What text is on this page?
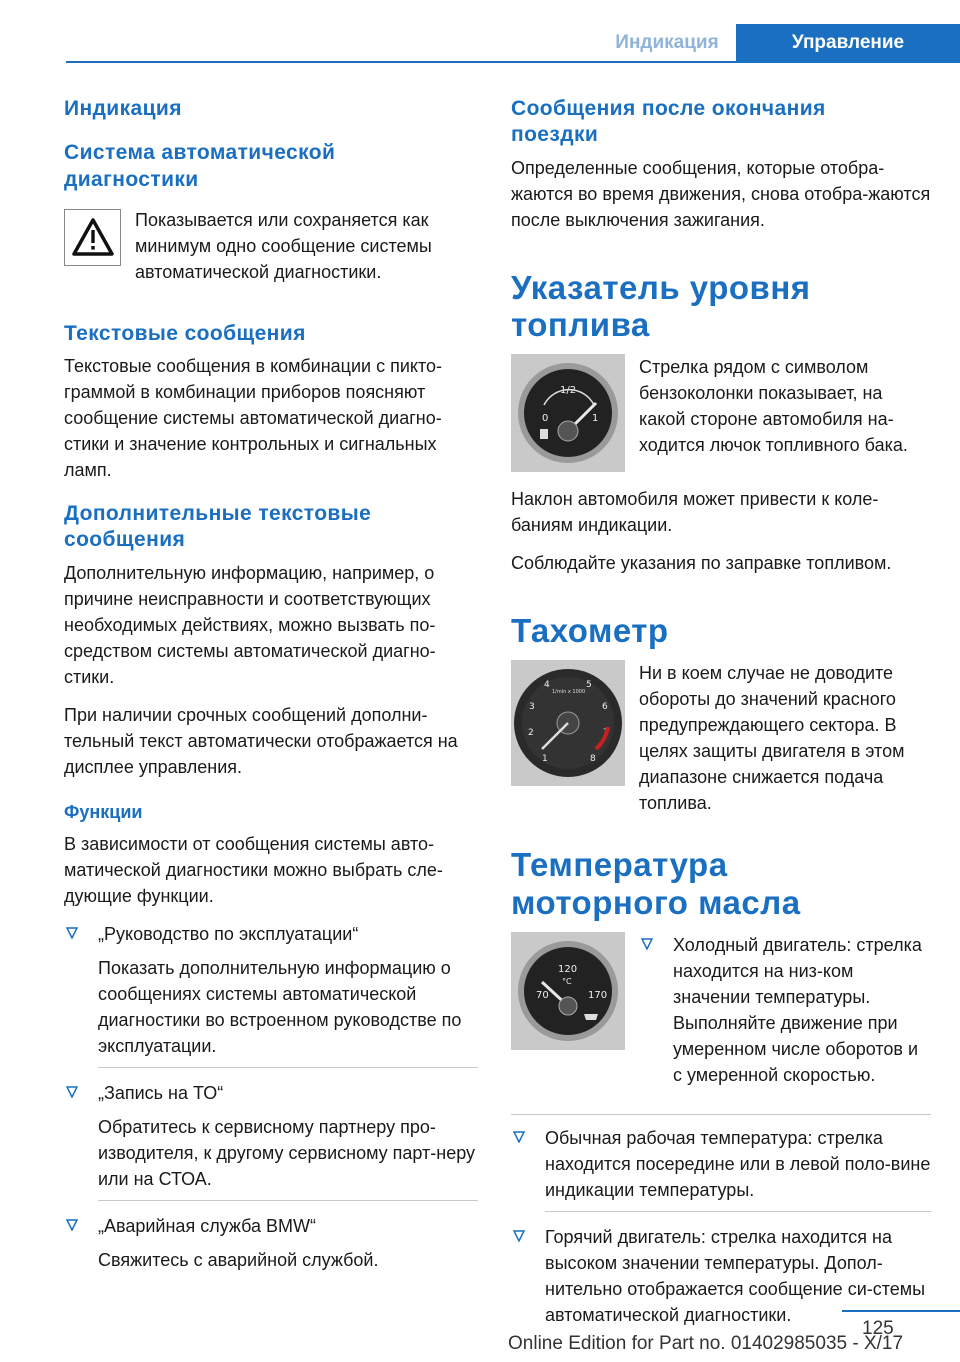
Индикация	Управление
Индикация
Система автоматической диагностики

Показывается или сохраняется как минимум одно сообщение системы автоматической диагностики.

Текстовые сообщения

Текстовые сообщения в комбинации с пикто-граммой в комбинации приборов поясняют сообщение системы автоматической диагно-стики и значение контрольных и сигнальных ламп.

Дополнительные текстовые сообщения

Дополнительную информацию, например, о причине неисправности и соответствующих необходимых действиях, можно вызвать по-средством системы автоматической диагно-стики.

При наличии срочных сообщений дополни-тельный текст автоматически отображается на дисплее управления.

Функции

В зависимости от сообщения системы авто-матической диагностики можно выбрать сле-дующие функции.

„Руководство по эксплуатации“

Показать дополнительную информацию о сообщениях системы автоматической диагностики во встроенном руководстве по эксплуатации.

„Запись на ТО“

Обратитесь к сервисному партнеру про-изводителя, к другому сервисному парт-неру или на СТОА.

„Аварийная служба BMW“

Свяжитесь с аварийной службой.

Сообщения после окончания поездки

Определенные сообщения, которые отобра-жаются во время движения, снова отобра-жаются после выключения зажигания.

Указатель уровня топлива
0
1/2
1

Стрелка рядом с символом бензоколонки показывает, на какой стороне автомобиля на-ходится лючок топливного бака.

Наклон автомобиля может привести к коле-баниям индикации.

Соблюдайте указания по заправке топливом.

Тахометр
1/min x 1000
1
2
3
4	5
6
7
8

Ни в коем случае не доводите обороты до значений красного предупреждающего сектора. В целях защиты двигателя в этом диапазоне снижается подача топлива.

Температура моторного масла
70
120
°C
170

Холодный двигатель: стрелка находится на низ-ком значении температуры. Выполняйте движение при умеренном числе оборотов и с умеренной скоростью.

Обычная рабочая температура: стрелка находится посередине или в левой поло-вине индикации температуры.

Горячий двигатель: стрелка находится на высоком значении температуры. Допол-нительно отображается сообщение си-стемы автоматической диагностики.

125
Online Edition for Part no. 01402985035 - X/17
